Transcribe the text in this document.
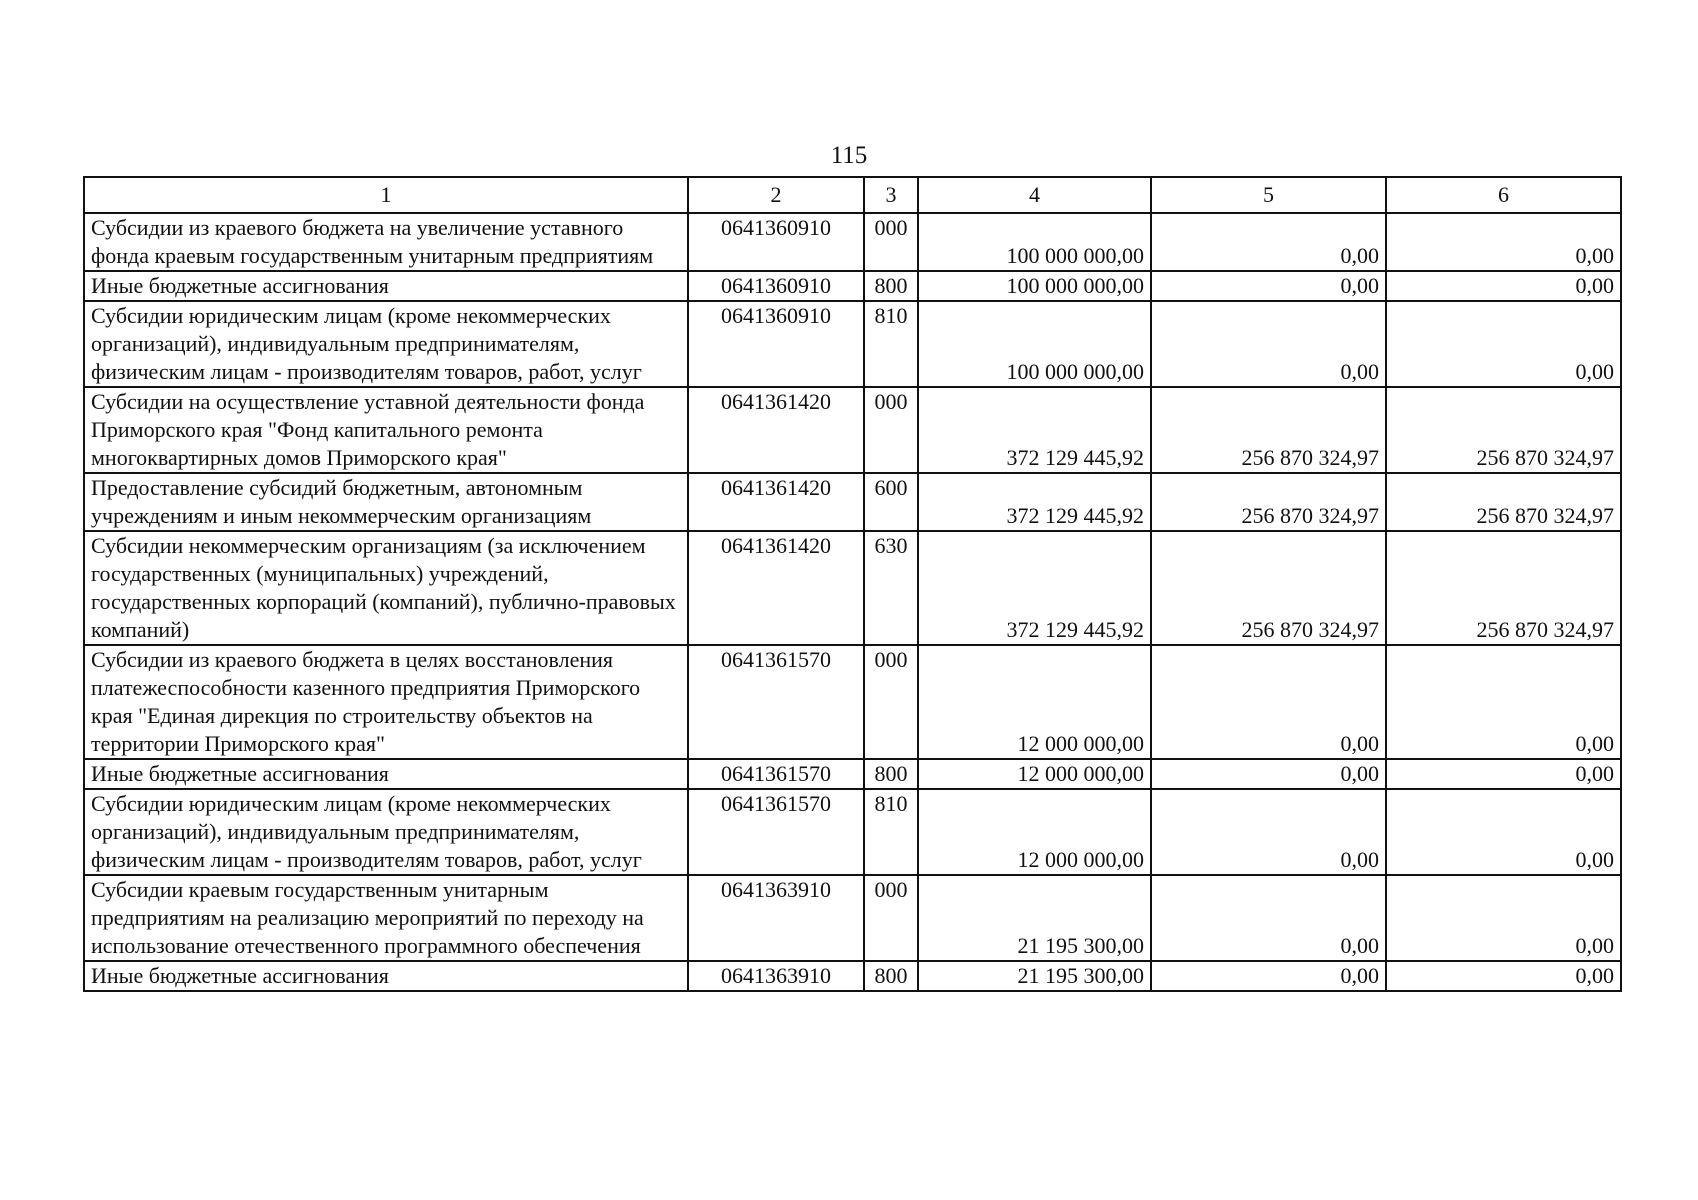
115
1	2	3	4	5	6
Субсидии из краевого бюджета на увеличение уставного фонда краевым государственным унитарным предприятиям	0641360910	000	100 000 000,00	0,00	0,00
Иные бюджетные ассигнования	0641360910	800	100 000 000,00	0,00	0,00
Субсидии юридическим лицам (кроме некоммерческих организаций), индивидуальным предпринимателям, физическим лицам - производителям товаров, работ, услуг	0641360910	810	100 000 000,00	0,00	0,00
Субсидии на осуществление уставной деятельности фонда Приморского края "Фонд капитального ремонта многоквартирных домов Приморского края"	0641361420	000	372 129 445,92	256 870 324,97	256 870 324,97
Предоставление субсидий бюджетным, автономным учреждениям и иным некоммерческим организациям	0641361420	600	372 129 445,92	256 870 324,97	256 870 324,97
Субсидии некоммерческим организациям (за исключением государственных (муниципальных) учреждений, государственных корпораций (компаний), публично-правовых компаний)	0641361420	630	372 129 445,92	256 870 324,97	256 870 324,97
Субсидии из краевого бюджета в целях восстановления платежеспособности казенного предприятия Приморского края "Единая дирекция по строительству объектов на территории Приморского края"	0641361570	000	12 000 000,00	0,00	0,00
Иные бюджетные ассигнования	0641361570	800	12 000 000,00	0,00	0,00
Субсидии юридическим лицам (кроме некоммерческих организаций), индивидуальным предпринимателям, физическим лицам - производителям товаров, работ, услуг	0641361570	810	12 000 000,00	0,00	0,00
Субсидии краевым государственным унитарным предприятиям на реализацию мероприятий по переходу на использование отечественного программного обеспечения	0641363910	000	21 195 300,00	0,00	0,00
Иные бюджетные ассигнования	0641363910	800	21 195 300,00	0,00	0,00
